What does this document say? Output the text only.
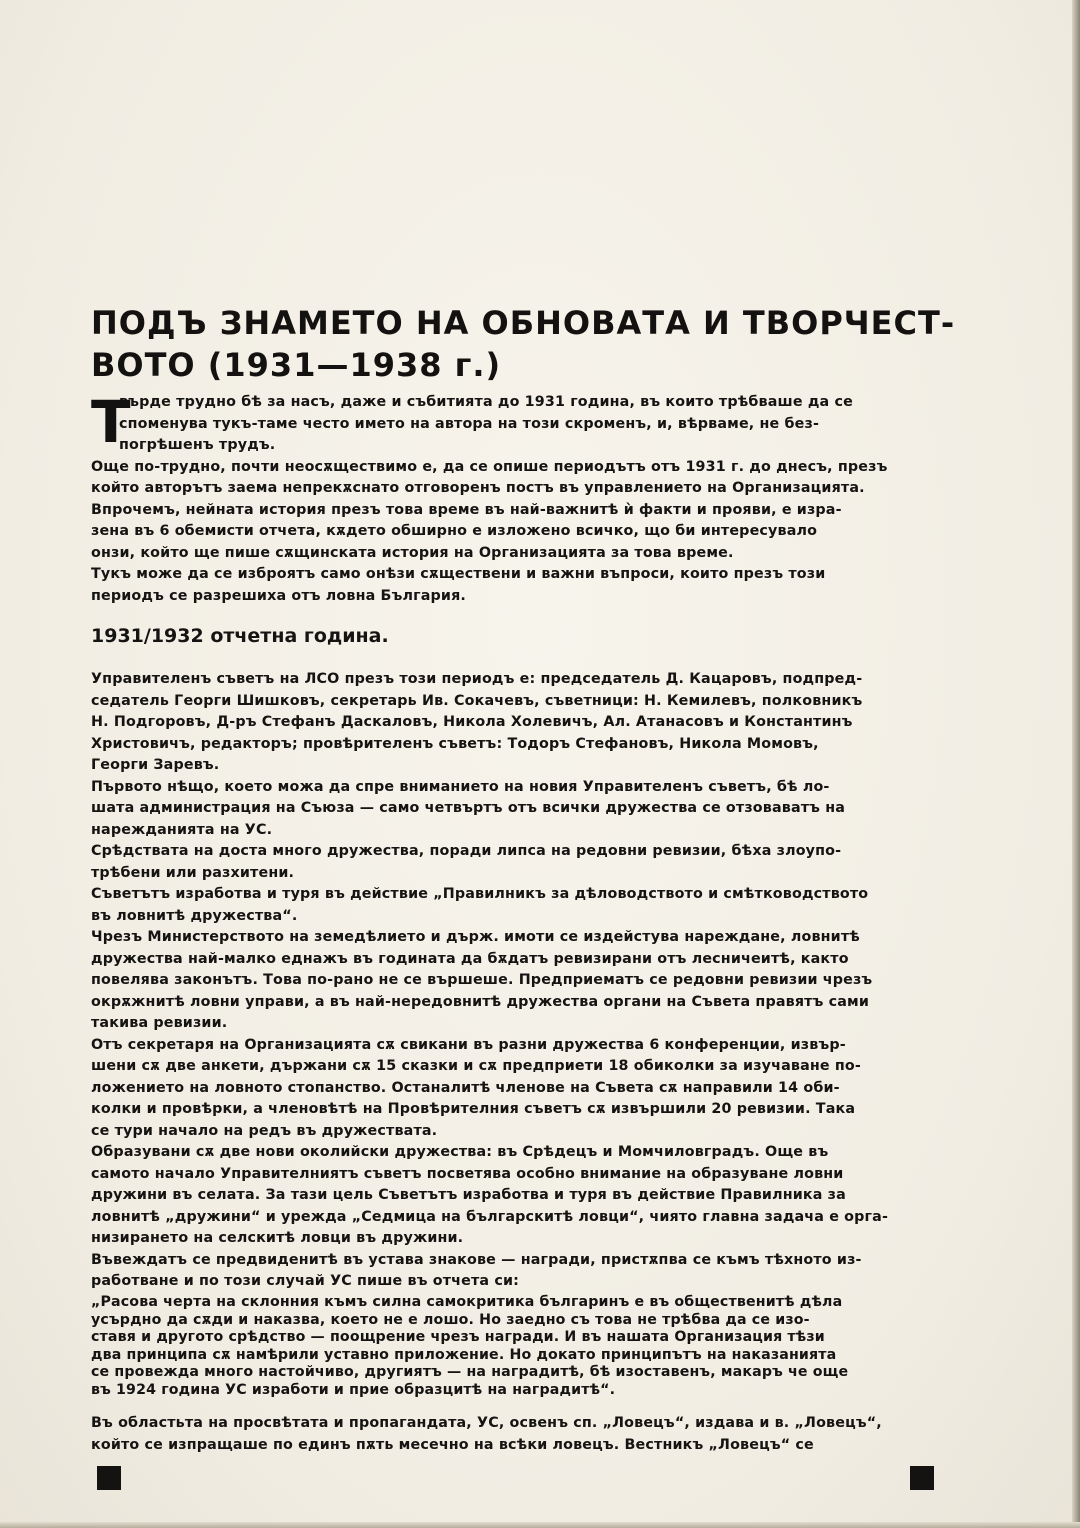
ПОДЪ ЗНАМЕТО НА ОБНОВАТА И ТВОРЧЕСТ-
ВОТО (1931—1938 г.)
Т
върде трудно бѣ за насъ, даже и събитията до 1931 година, въ които трѣбваше да се
споменува тукъ-таме често името на автора на този скроменъ, и, вѣрваме, не без-
погрѣшенъ трудъ.
Още по-трудно, почти неосѫществимо е, да се опише периодътъ отъ 1931 г. до днесъ, презъ
който авторътъ заема непрекѫснато отговоренъ постъ въ управлението на Организацията.
Впрочемъ, нейната история презъ това време въ най-важнитѣ ѝ факти и прояви, е изра-
зена въ 6 обемисти отчета, кѫдето обширно е изложено всичко, що би интересувало
онзи, който ще пише сѫщинската история на Организацията за това време.
Тукъ може да се изброятъ само онѣзи сѫществени и важни въпроси, които презъ този
периодъ се разрешиха отъ ловна България.
1931/1932 отчетна година.
Управителенъ съветъ на ЛСО презъ този периодъ е: председатель Д. Кацаровъ, подпред-
седатель Георги Шишковъ, секретарь Ив. Сокачевъ, съветници: Н. Кемилевъ, полковникъ
Н. Подгоровъ, Д-ръ Стефанъ Даскаловъ, Никола Холевичъ, Ал. Атанасовъ и Константинъ
Христовичъ, редакторъ; провѣрителенъ съветъ: Тодоръ Стефановъ, Никола Момовъ,
Георги Заревъ.
Първото нѣщо, което можа да спре вниманието на новия Управителенъ съветъ, бѣ ло-
шата администрация на Съюза — само четвъртъ отъ всички дружества се отзоваватъ на
нарежданията на УС.
Срѣдствата на доста много дружества, поради липса на редовни ревизии, бѣха злоупо-
трѣбени или разхитени.
Съветътъ изработва и туря въ действие „Правилникъ за дѣловодството и смѣтководството
въ ловнитѣ дружества“.
Чрезъ Министерството на земедѣлието и държ. имоти се издейстува нареждане, ловнитѣ
дружества най-малко еднажъ въ годината да бѫдатъ ревизирани отъ лесничеитѣ, както
повелява законътъ. Това по-рано не се вършеше. Предприематъ се редовни ревизии чрезъ
окрѫжнитѣ ловни управи, а въ най-нередовнитѣ дружества органи на Съвета правятъ сами
такива ревизии.
Отъ секретаря на Организацията сѫ свикани въ разни дружества 6 конференции, извър-
шени сѫ две анкети, държани сѫ 15 сказки и сѫ предприети 18 обиколки за изучаване по-
ложението на ловното стопанство. Останалитѣ членове на Съвета сѫ направили 14 оби-
колки и провѣрки, а членовѣтѣ на Провѣрителния съветъ сѫ извършили 20 ревизии. Така
се тури начало на редъ въ дружествата.
Образувани сѫ две нови околийски дружества: въ Срѣдецъ и Момчиловградъ. Още въ
самото начало Управителниятъ съветъ посветява особно внимание на образуване ловни
дружини въ селата. За тази цель Съветътъ изработва и туря въ действие Правилника за
ловнитѣ „дружини“ и урежда „Седмица на българскитѣ ловци“, чиято главна задача е орга-
низирането на селскитѣ ловци въ дружини.
Въвеждатъ се предвиденитѣ въ устава знакове — награди, пристѫпва се къмъ тѣхното из-
работване и по този случай УС пише въ отчета си:
„Расова черта на склонния къмъ силна самокритика българинъ е въ общественитѣ дѣла
усърдно да сѫди и наказва, което не е лошо. Но заедно съ това не трѣбва да се изо-
ставя и другото срѣдство — поощрение чрезъ награди. И въ нашата Организация тѣзи
два принципа сѫ намѣрили уставно приложение. Но докато принципътъ на наказанията
се провежда много настойчиво, другиятъ — на наградитѣ, бѣ изоставенъ, макаръ че още
въ 1924 година УС изработи и прие образцитѣ на наградитѣ“.
Въ областьта на просвѣтата и пропагандата, УС, освенъ сп. „Ловецъ“, издава и в. „Ловецъ“,
който се изпращаше по единъ пѫть месечно на всѣки ловецъ. Вестникъ „Ловецъ“ се
